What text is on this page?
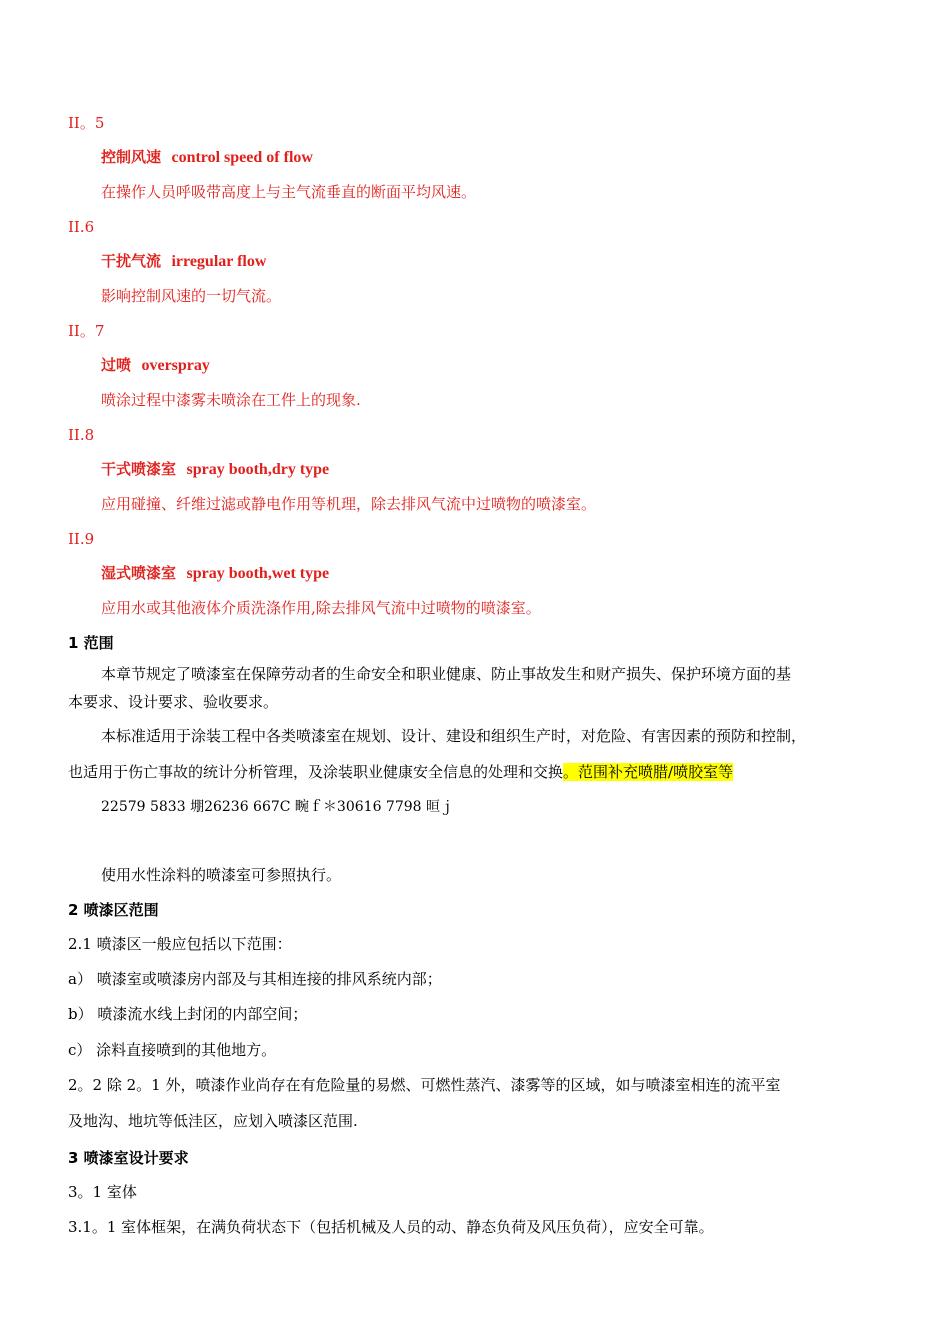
II。5
控制风速 control speed of flow
在操作人员呼吸带高度上与主气流垂直的断面平均风速。
II.6
干扰气流 irregular flow
影响控制风速的一切气流。
II。7
过喷 overspray
喷涂过程中漆雾未喷涂在工件上的现象.
II.8
干式喷漆室 spray booth,dry type
应用碰撞、纤维过滤或静电作用等机理，除去排风气流中过喷物的喷漆室。
II.9
湿式喷漆室 spray booth,wet type
应用水或其他液体介质洗涤作用,除去排风气流中过喷物的喷漆室。
1 范围
本章节规定了喷漆室在保障劳动者的生命安全和职业健康、防止事故发生和财产损失、保护环境方面的基
本要求、设计要求、验收要求。
本标准适用于涂装工程中各类喷漆室在规划、设计、建设和组织生产时，对危险、有害因素的预防和控制，
也适用于伤亡事故的统计分析管理，及涂装职业健康安全信息的处理和交换。范围补充喷腊/喷胶室等
22579 5833 堋26236 667C 畹ｆ＊30616 7798 晅ｊ
使用水性涂料的喷漆室可参照执行。
2 喷漆区范围
2.1 喷漆区一般应包括以下范围：
a） 喷漆室或喷漆房内部及与其相连接的排风系统内部；
b） 喷漆流水线上封闭的内部空间；
c） 涂料直接喷到的其他地方。
2。2 除 2。1 外，喷漆作业尚存在有危险量的易燃、可燃性蒸汽、漆雾等的区域，如与喷漆室相连的流平室
及地沟、地坑等低洼区，应划入喷漆区范围.
3 喷漆室设计要求
3。1 室体
3.1。1 室体框架，在满负荷状态下（包括机械及人员的动、静态负荷及风压负荷），应安全可靠。
